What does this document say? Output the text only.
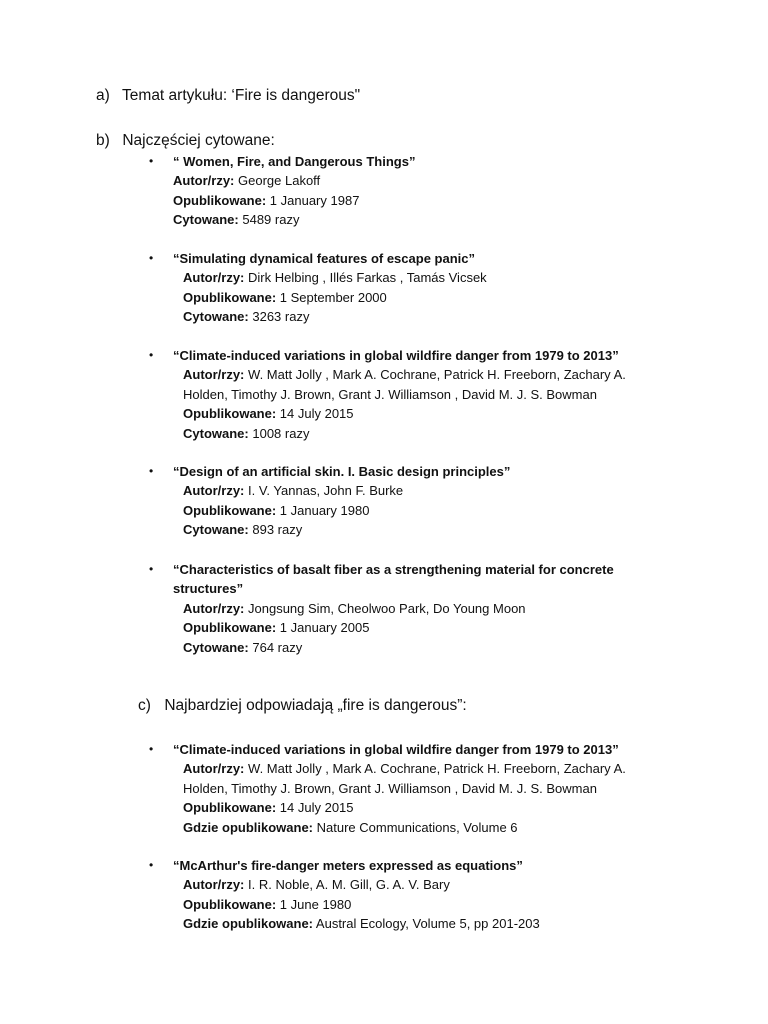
a) Temat artykułu: ‘Fire is dangerous"
b) Najczęściej cytowane:
• “ Women, Fire, and Dangerous Things”
Autor/rzy: George Lakoff
Opublikowane: 1 January 1987
Cytowane: 5489 razy
• “Simulating dynamical features of escape panic”
Autor/rzy: Dirk Helbing , Illés Farkas , Tamás Vicsek
Opublikowane: 1 September 2000
Cytowane: 3263 razy
• “Climate-induced variations in global wildfire danger from 1979 to 2013”
Autor/rzy: W. Matt Jolly , Mark A. Cochrane, Patrick H. Freeborn, Zachary A. Holden, Timothy J. Brown, Grant J. Williamson , David M. J. S. Bowman
Opublikowane: 14 July 2015
Cytowane: 1008 razy
• “Design of an artificial skin. I. Basic design principles”
Autor/rzy: I. V. Yannas, John F. Burke
Opublikowane: 1 January 1980
Cytowane: 893 razy
• “Characteristics of basalt fiber as a strengthening material for concrete structures”
Autor/rzy: Jongsung Sim, Cheolwoo Park, Do Young Moon
Opublikowane: 1 January 2005
Cytowane: 764 razy
c) Najbardziej odpowiadają „fire is dangerous”:
• “Climate-induced variations in global wildfire danger from 1979 to 2013”
Autor/rzy: W. Matt Jolly , Mark A. Cochrane, Patrick H. Freeborn, Zachary A. Holden, Timothy J. Brown, Grant J. Williamson , David M. J. S. Bowman
Opublikowane: 14 July 2015
Gdzie opublikowane: Nature Communications, Volume 6
• “McArthur's fire-danger meters expressed as equations”
Autor/rzy: I. R. Noble, A. M. Gill, G. A. V. Bary
Opublikowane: 1 June 1980
Gdzie opublikowane: Austral Ecology, Volume 5, pp 201-203
